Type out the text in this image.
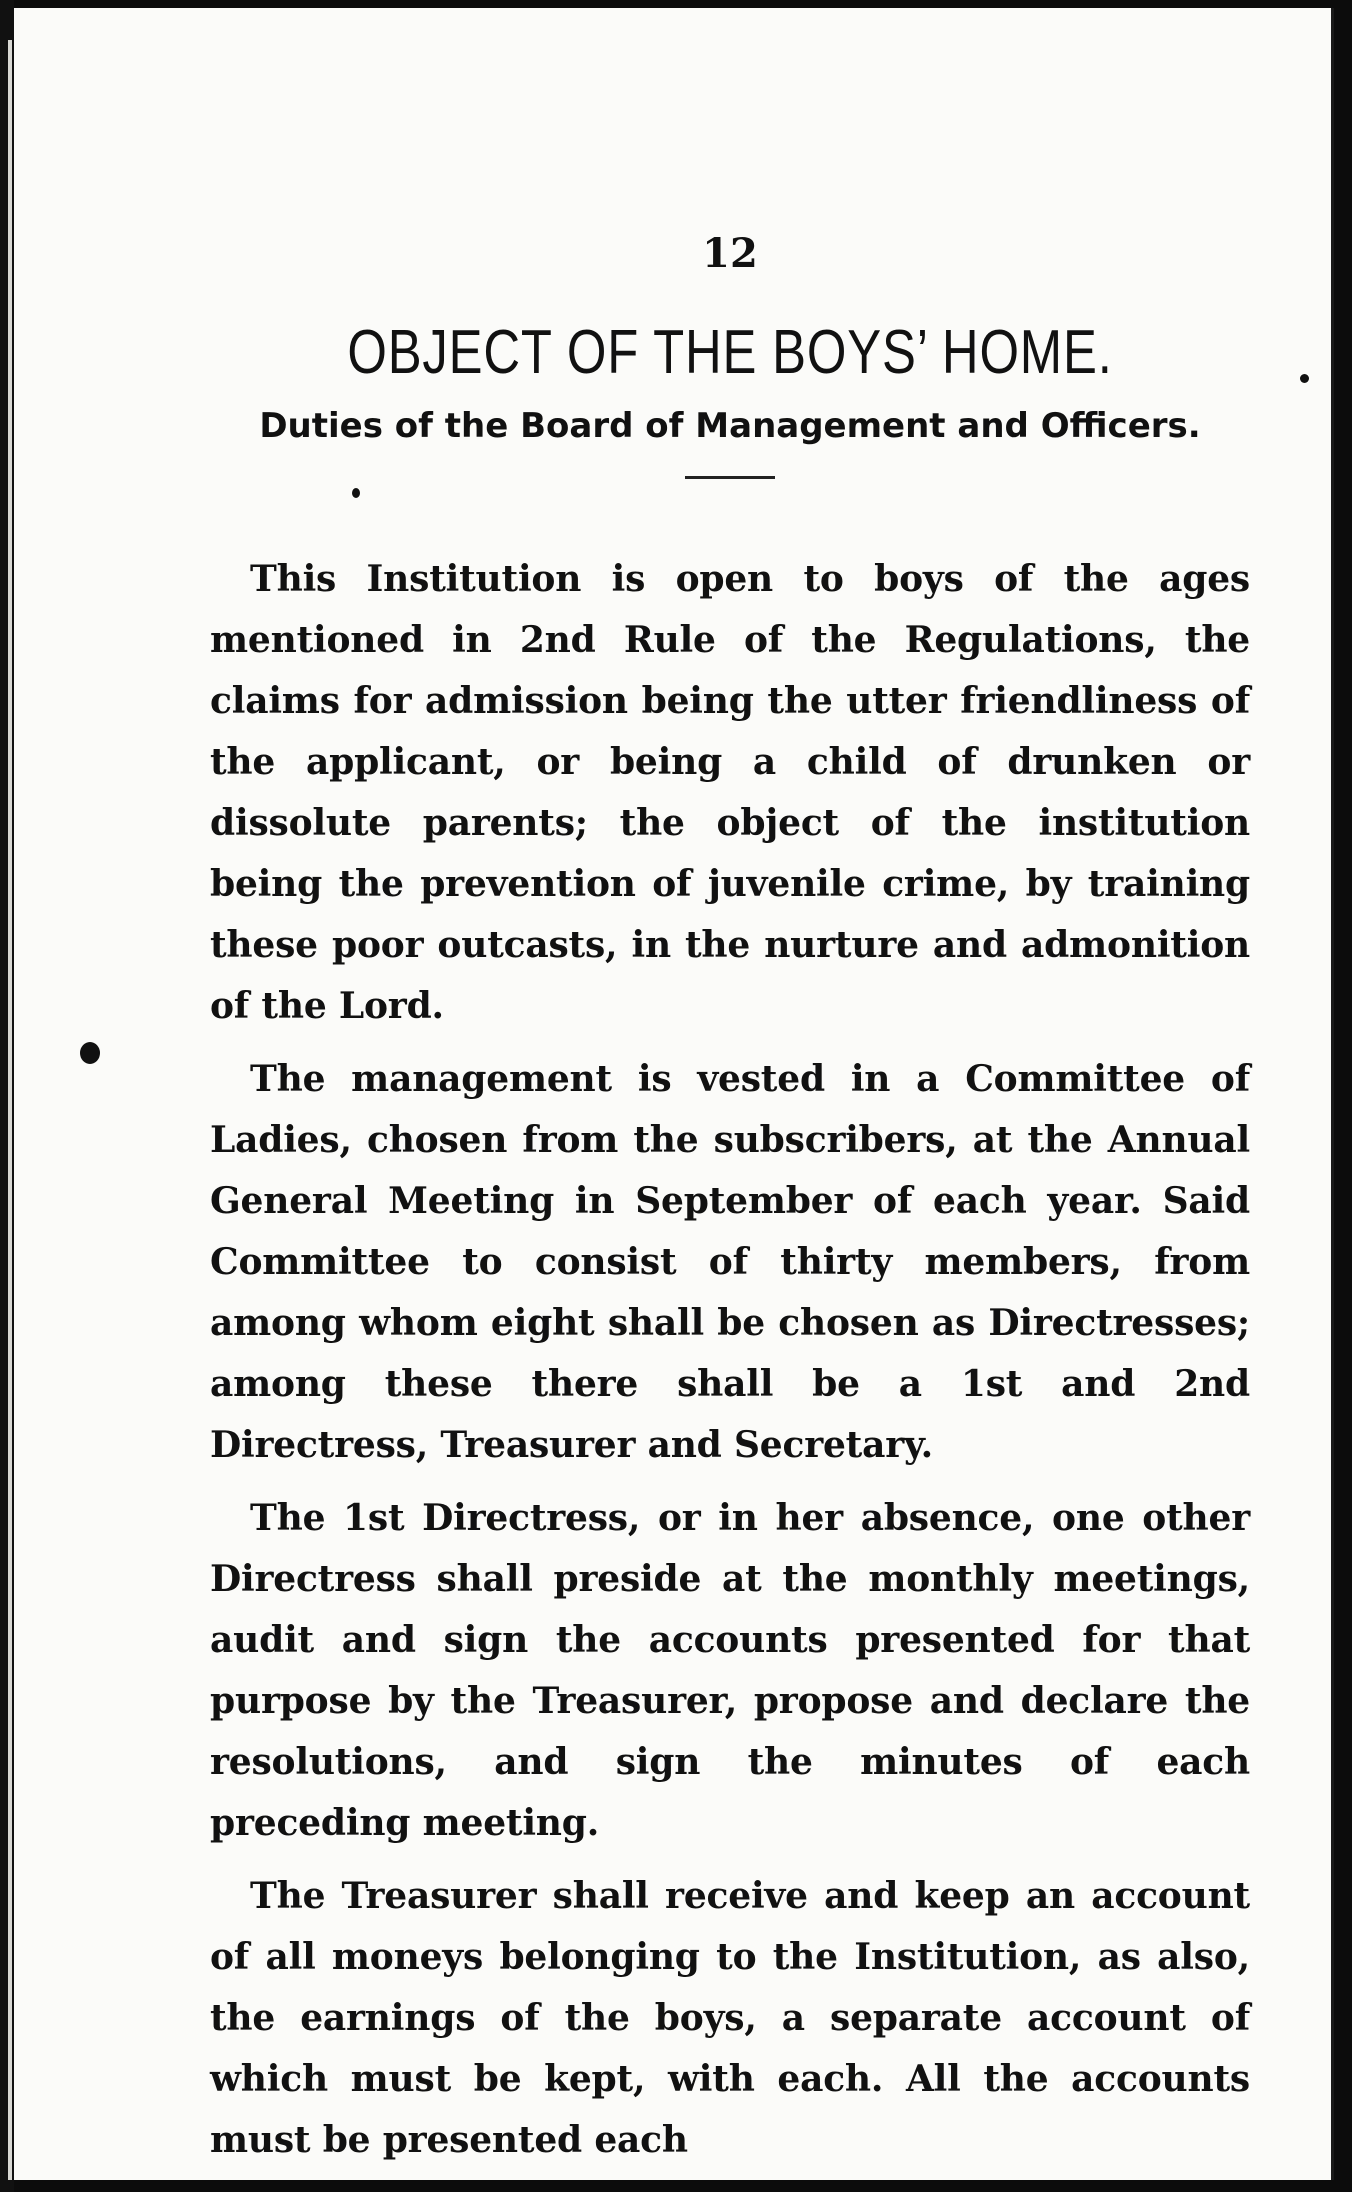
12
OBJECT OF THE BOYS’ HOME.
Duties of the Board of Management and Officers.

This Institution is open to boys of the ages mentioned in 2nd Rule of the Regulations, the claims for admission being the utter friendliness of the applicant, or being a child of drunken or dissolute parents; the object of the institution being the prevention of juvenile crime, by training these poor outcasts, in the nurture and admonition of the Lord.

The management is vested in a Committee of Ladies, chosen from the subscribers, at the Annual General Meeting in September of each year. Said Committee to consist of thirty members, from among whom eight shall be chosen as Directresses; among these there shall be a 1st and 2nd Directress, Treasurer and Secretary.

The 1st Directress, or in her absence, one other Directress shall preside at the monthly meetings, audit and sign the accounts presented for that purpose by the Treasurer, propose and declare the resolutions, and sign the minutes of each preceding meeting.

The Treasurer shall receive and keep an account of all moneys belonging to the Institution, as also, the earnings of the boys, a separate account of which must be kept, with each. All the accounts must be presented each
